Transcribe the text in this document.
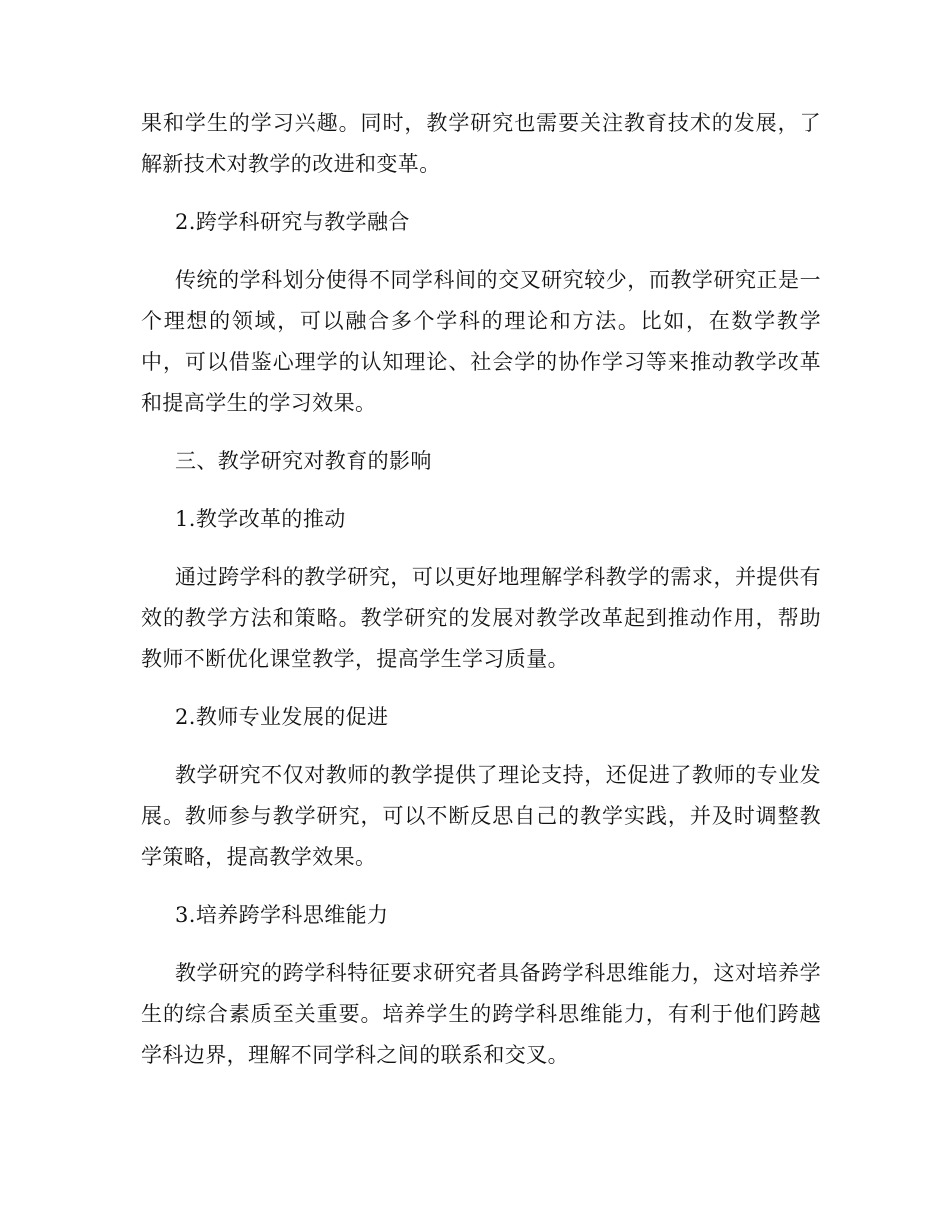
果和学生的学习兴趣。同时，教学研究也需要关注教育技术的发展，了解新技术对教学的改进和变革。

2.跨学科研究与教学融合

传统的学科划分使得不同学科间的交叉研究较少，而教学研究正是一个理想的领域，可以融合多个学科的理论和方法。比如，在数学教学中，可以借鉴心理学的认知理论、社会学的协作学习等来推动教学改革和提高学生的学习效果。

三、教学研究对教育的影响

1.教学改革的推动

通过跨学科的教学研究，可以更好地理解学科教学的需求，并提供有效的教学方法和策略。教学研究的发展对教学改革起到推动作用，帮助教师不断优化课堂教学，提高学生学习质量。

2.教师专业发展的促进

教学研究不仅对教师的教学提供了理论支持，还促进了教师的专业发展。教师参与教学研究，可以不断反思自己的教学实践，并及时调整教学策略，提高教学效果。

3.培养跨学科思维能力

教学研究的跨学科特征要求研究者具备跨学科思维能力，这对培养学生的综合素质至关重要。培养学生的跨学科思维能力，有利于他们跨越学科边界，理解不同学科之间的联系和交叉。
